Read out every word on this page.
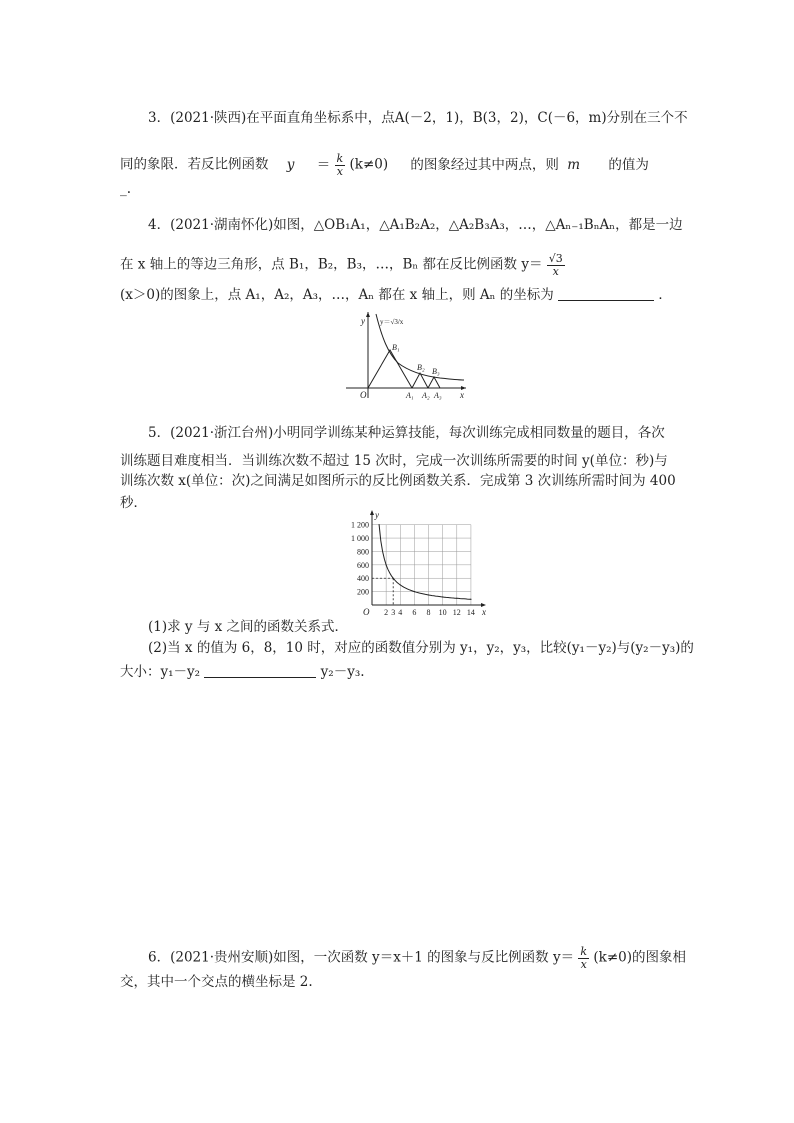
3．(2021·陕西)在平面直角坐标系中，点A(－2，1)，B(3，2)，C(－6，m)分别在三个不
同的象限．若反比例函数 $y = \frac{k}{x} (k\ne 0)$ 的图象经过其中两点，则 m 的值为
_.
4．(2021·湖南怀化)如图，△OB₁A₁，△A₁B₂A₂，△A₂B₃A₃，…，△Aₙ₋₁BₙAₙ，都是一边
在 x 轴上的等边三角形，点 B₁，B₂，B₃，…，Bₙ 都在反比例函数 $y= \frac{√3}{x}$
(x＞0)的图象上，点 A₁，A₂，A₃，…，Aₙ 都在 x 轴上，则 Aₙ 的坐标为	．
y
x
O
y＝√3/x
B₁
B₂ B₃
A₁ A₂ A₃
5．(2021·浙江台州)小明同学训练某种运算技能，每次训练完成相同数量的题目，各次
训练题目难度相当．当训练次数不超过 15 次时，完成一次训练所需要的时间 y(单位：秒)与
训练次数 x(单位：次)之间满足如图所示的反比例函数关系．完成第 3 次训练所需时间为 400
秒．
200
400
600
800
1 000
1 200
2 3 4 6 8 10 12 14 x
y
O
(1)求 y 与 x 之间的函数关系式．
(2)当 x 的值为 6，8，10 时，对应的函数值分别为 y₁，y₂，y₃，比较(y₁－y₂)与(y₂－y₃)的
大小：y₁－y₂	y₂－y₃.
6．(2021·贵州安顺)如图，一次函数 y＝x＋1 的图象与反比例函数 $y= \frac{k}{x} (k\ne 0)$的图象相
交，其中一个交点的横坐标是 2.
